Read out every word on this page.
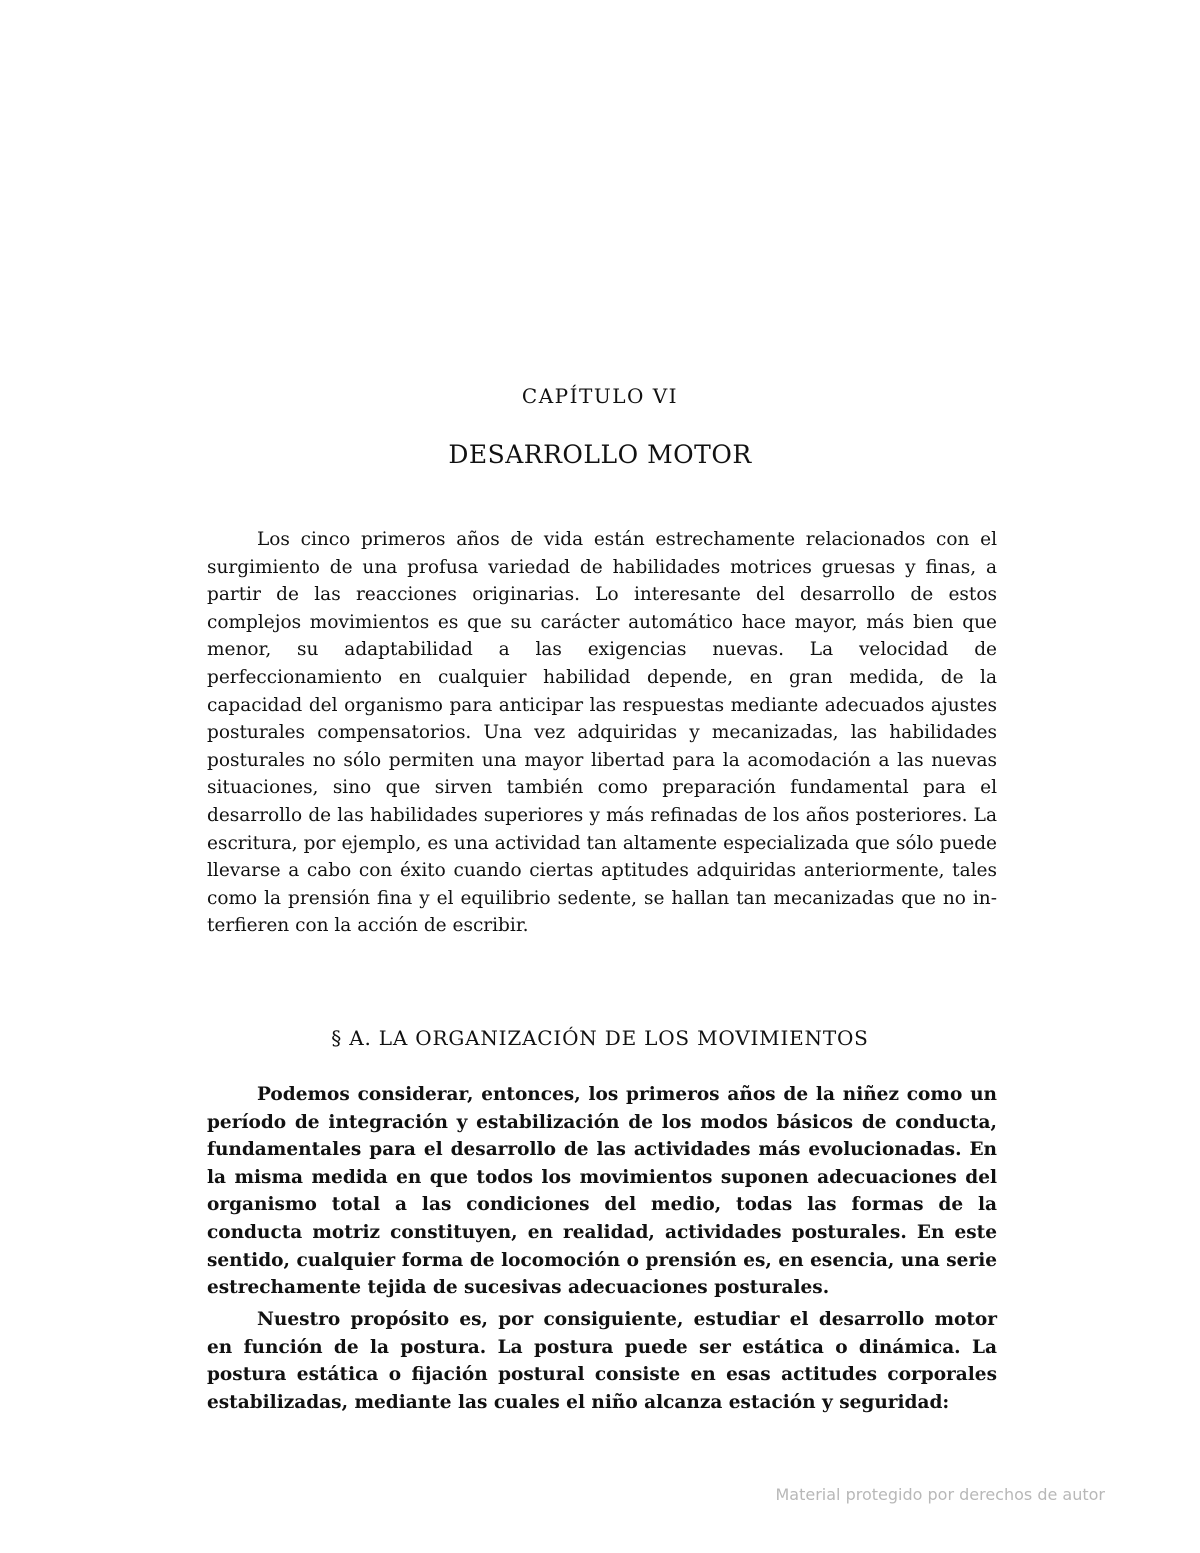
CAPÍTULO VI
DESARROLLO MOTOR

Los cinco primeros años de vida están estrechamente relacionados con el surgimiento de una profusa variedad de habilidades motrices gruesas y finas, a partir de las reacciones originarias. Lo interesante del desarrollo de estos complejos movimientos es que su carácter automático hace mayor, más bien que menor, su adaptabilidad a las exigencias nuevas. La velocidad de perfeccionamiento en cualquier habilidad depende, en gran medida, de la capacidad del organismo para anticipar las respuestas mediante adecuados ajustes posturales compensatorios. Una vez adquiridas y mecanizadas, las habilidades posturales no sólo permiten una mayor libertad para la acomodación a las nuevas situaciones, sino que sirven también como preparación fundamental para el desarrollo de las habilidades superiores y más refinadas de los años posteriores. La escritura, por ejemplo, es una actividad tan altamente especializada que sólo puede llevarse a cabo con éxito cuando ciertas aptitudes adquiridas anteriormente, tales como la prensión fina y el equilibrio sedente, se hallan tan mecanizadas que no interfieren con la acción de escribir.

§ A. LA ORGANIZACIÓN DE LOS MOVIMIENTOS

Podemos considerar, entonces, los primeros años de la niñez como un período de integración y estabilización de los modos básicos de conducta, fundamentales para el desarrollo de las actividades más evolucionadas. En la misma medida en que todos los movimientos suponen adecuaciones del organismo total a las condiciones del medio, todas las formas de la conducta motriz constituyen, en realidad, actividades posturales. En este sentido, cualquier forma de locomoción o prensión es, en esencia, una serie estrechamente tejida de sucesivas adecuaciones posturales.

Nuestro propósito es, por consiguiente, estudiar el desarrollo motor en función de la postura. La postura puede ser estática o dinámica. La postura estática o fijación postural consiste en esas actitudes corporales estabilizadas, mediante las cuales el niño alcanza estación y seguridad:

Material protegido por derechos de autor
